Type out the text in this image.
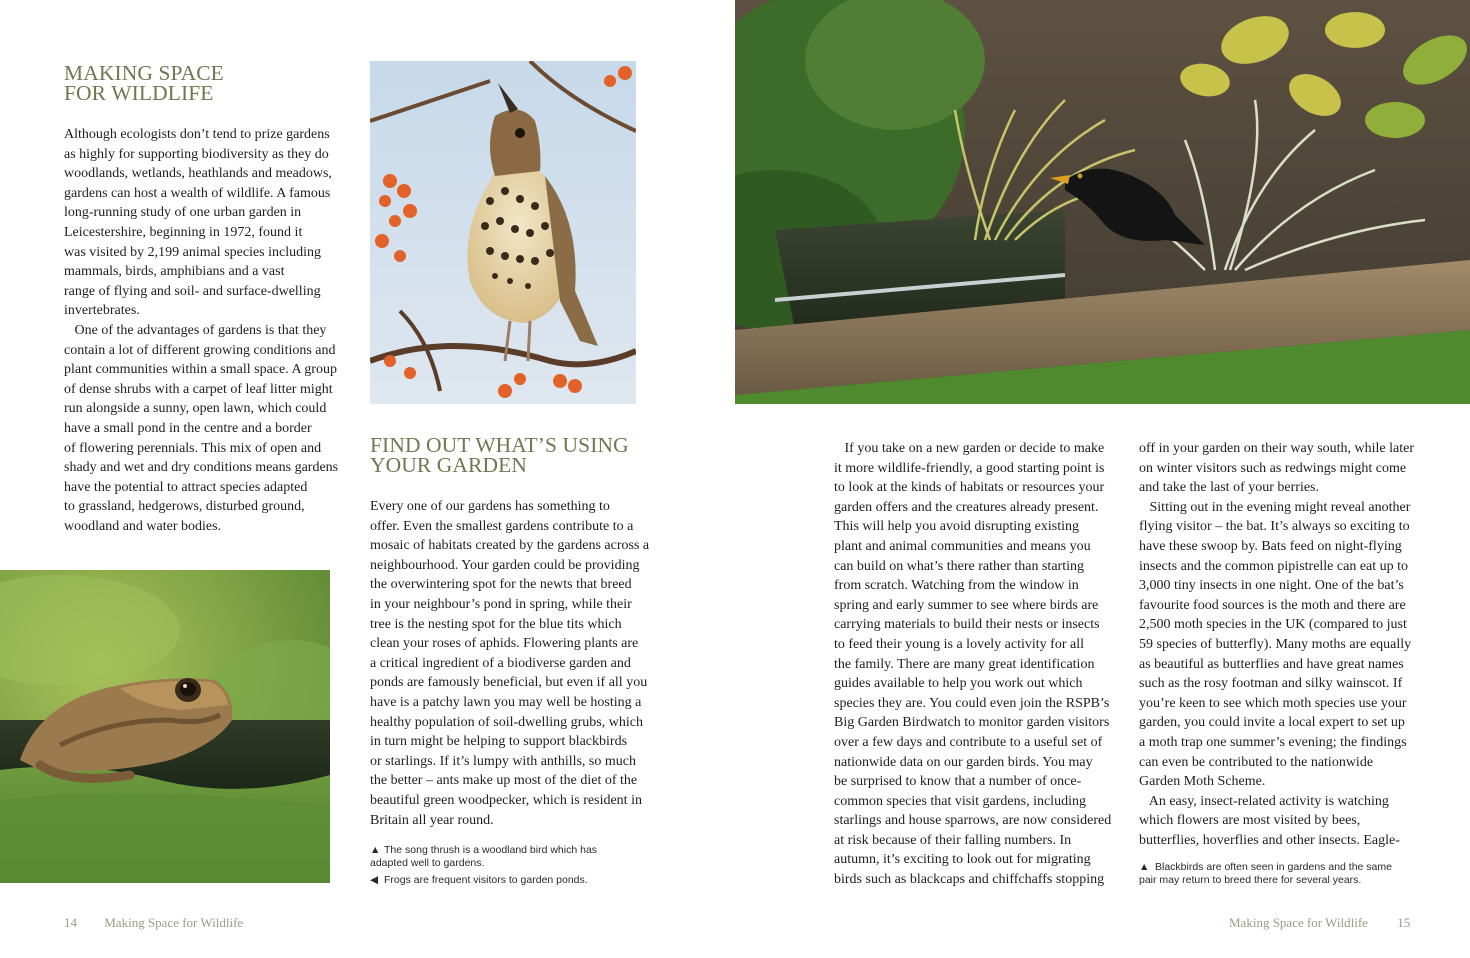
MAKING SPACE
FOR WILDLIFE
Although ecologists don’t tend to prize gardens
as highly for supporting biodiversity as they do
woodlands, wetlands, heathlands and meadows,
gardens can host a wealth of wildlife. A famous
long-running study of one urban garden in
Leicestershire, beginning in 1972, found it
was visited by 2,199 animal species including
mammals, birds, amphibians and a vast
range of flying and soil- and surface-dwelling
invertebrates.
One of the advantages of gardens is that they
contain a lot of different growing conditions and
plant communities within a small space. A group
of dense shrubs with a carpet of leaf litter might
run alongside a sunny, open lawn, which could
have a small pond in the centre and a border
of flowering perennials. This mix of open and
shady and wet and dry conditions means gardens
have the potential to attract species adapted
to grassland, hedgerows, disturbed ground,
woodland and water bodies.
FIND OUT WHAT’S USING
YOUR GARDEN
Every one of our gardens has something to
offer. Even the smallest gardens contribute to a
mosaic of habitats created by the gardens across a
neighbourhood. Your garden could be providing
the overwintering spot for the newts that breed
in your neighbour’s pond in spring, while their
tree is the nesting spot for the blue tits which
clean your roses of aphids. Flowering plants are
a critical ingredient of a biodiverse garden and
ponds are famously beneficial, but even if all you
have is a patchy lawn you may well be hosting a
healthy population of soil-dwelling grubs, which
in turn might be helping to support blackbirds
or starlings. If it’s lumpy with anthills, so much
the better – ants make up most of the diet of the
beautiful green woodpecker, which is resident in
Britain all year round.
▲ The song thrush is a woodland bird which has
adapted well to gardens.
◀ Frogs are frequent visitors to garden ponds.
14 Making Space for Wildlife
If you take on a new garden or decide to make
it more wildlife-friendly, a good starting point is
to look at the kinds of habitats or resources your
garden offers and the creatures already present.
This will help you avoid disrupting existing
plant and animal communities and means you
can build on what’s there rather than starting
from scratch. Watching from the window in
spring and early summer to see where birds are
carrying materials to build their nests or insects
to feed their young is a lovely activity for all
the family. There are many great identification
guides available to help you work out which
species they are. You could even join the RSPB’s
Big Garden Birdwatch to monitor garden visitors
over a few days and contribute to a useful set of
nationwide data on our garden birds. You may
be surprised to know that a number of once-
common species that visit gardens, including
starlings and house sparrows, are now considered
at risk because of their falling numbers. In
autumn, it’s exciting to look out for migrating
birds such as blackcaps and chiffchaffs stopping
off in your garden on their way south, while later
on winter visitors such as redwings might come
and take the last of your berries.
Sitting out in the evening might reveal another
flying visitor – the bat. It’s always so exciting to
have these swoop by. Bats feed on night-flying
insects and the common pipistrelle can eat up to
3,000 tiny insects in one night. One of the bat’s
favourite food sources is the moth and there are
2,500 moth species in the UK (compared to just
59 species of butterfly). Many moths are equally
as beautiful as butterflies and have great names
such as the rosy footman and silky wainscot. If
you’re keen to see which moth species use your
garden, you could invite a local expert to set up
a moth trap one summer’s evening; the findings
can even be contributed to the nationwide
Garden Moth Scheme.
An easy, insect-related activity is watching
which flowers are most visited by bees,
butterflies, hoverflies and other insects. Eagle-
▲ Blackbirds are often seen in gardens and the same
pair may return to breed there for several years.
Making Space for Wildlife 15
